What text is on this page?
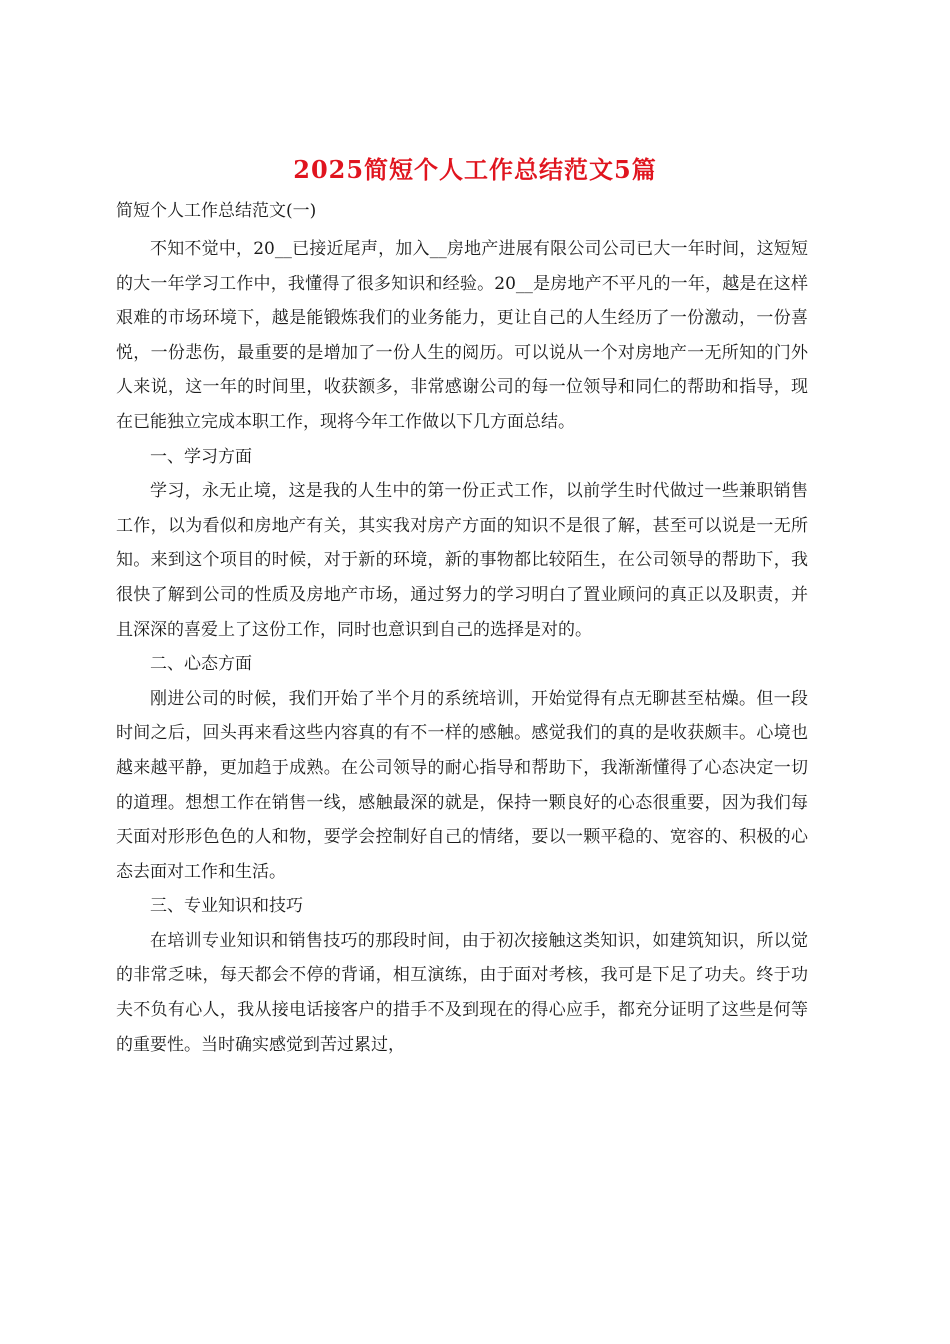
2025简短个人工作总结范文5篇

简短个人工作总结范文(一)

不知不觉中，20__已接近尾声，加入__房地产进展有限公司公司已大一年时间，这短短的大一年学习工作中，我懂得了很多知识和经验。20__是房地产不平凡的一年，越是在这样艰难的市场环境下，越是能锻炼我们的业务能力，更让自己的人生经历了一份激动，一份喜悦，一份悲伤，最重要的是增加了一份人生的阅历。可以说从一个对房地产一无所知的门外人来说，这一年的时间里，收获额多，非常感谢公司的每一位领导和同仁的帮助和指导，现在已能独立完成本职工作，现将今年工作做以下几方面总结。

一、学习方面

学习，永无止境，这是我的人生中的第一份正式工作，以前学生时代做过一些兼职销售工作，以为看似和房地产有关，其实我对房产方面的知识不是很了解，甚至可以说是一无所知。来到这个项目的时候，对于新的环境，新的事物都比较陌生，在公司领导的帮助下，我很快了解到公司的性质及房地产市场，通过努力的学习明白了置业顾问的真正以及职责，并且深深的喜爱上了这份工作，同时也意识到自己的选择是对的。

二、心态方面

刚进公司的时候，我们开始了半个月的系统培训，开始觉得有点无聊甚至枯燥。但一段时间之后，回头再来看这些内容真的有不一样的感触。感觉我们的真的是收获颇丰。心境也越来越平静，更加趋于成熟。在公司领导的耐心指导和帮助下，我渐渐懂得了心态决定一切的道理。想想工作在销售一线，感触最深的就是，保持一颗良好的心态很重要，因为我们每天面对形形色色的人和物，要学会控制好自己的情绪，要以一颗平稳的、宽容的、积极的心态去面对工作和生活。

三、专业知识和技巧

在培训专业知识和销售技巧的那段时间，由于初次接触这类知识，如建筑知识，所以觉的非常乏味，每天都会不停的背诵，相互演练，由于面对考核，我可是下足了功夫。终于功夫不负有心人，我从接电话接客户的措手不及到现在的得心应手，都充分证明了这些是何等的重要性。当时确实感觉到苦过累过，
